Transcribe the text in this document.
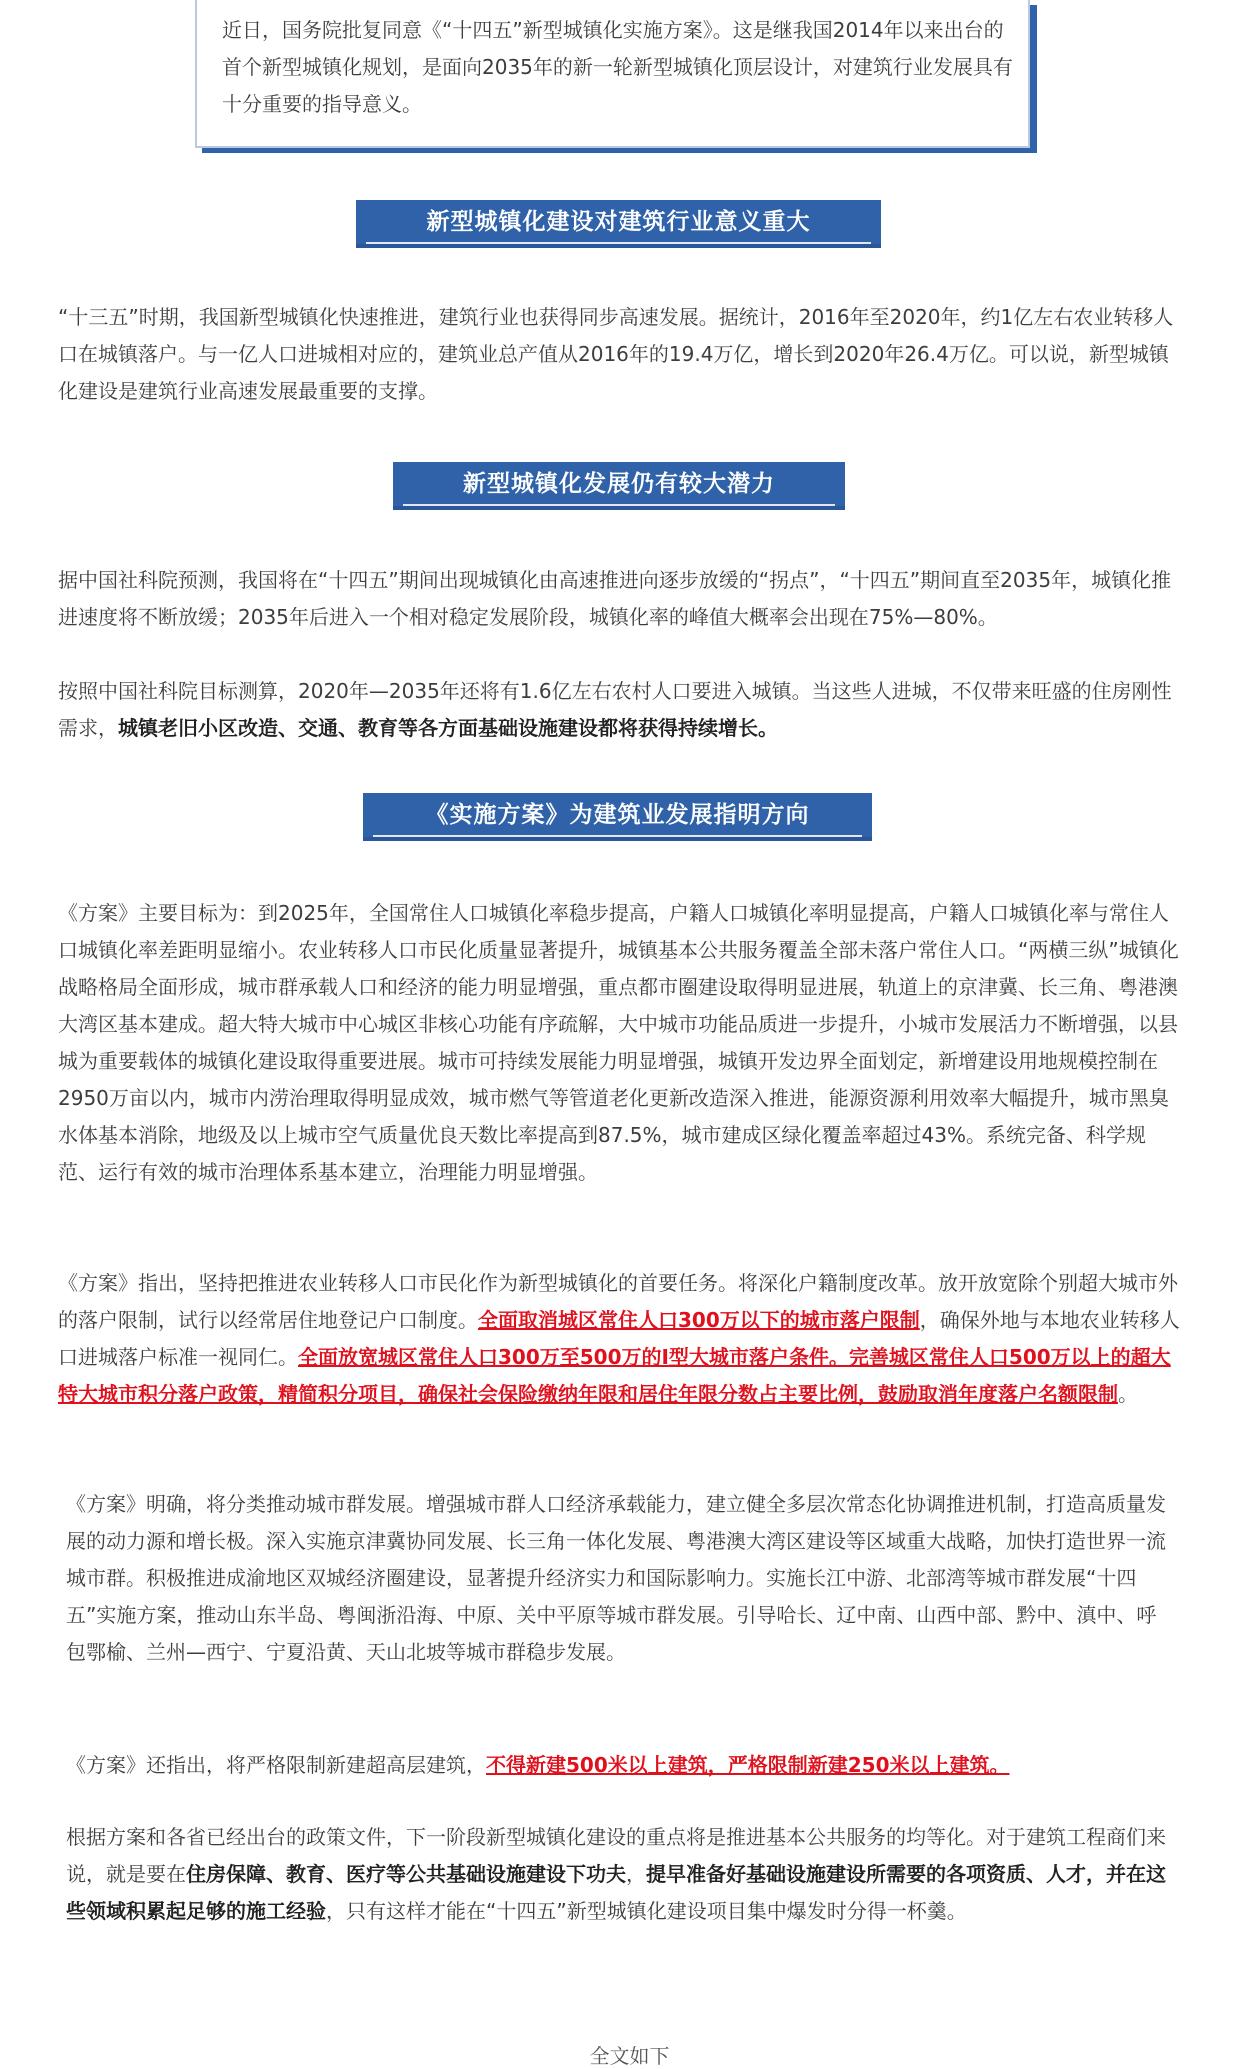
近日，国务院批复同意《“十四五”新型城镇化实施方案》。这是继我国2014年以来出台的首个新型城镇化规划，是面向2035年的新一轮新型城镇化顶层设计，对建筑行业发展具有十分重要的指导意义。

新型城镇化建设对建筑行业意义重大

“十三五”时期，我国新型城镇化快速推进，建筑行业也获得同步高速发展。据统计，2016年至2020年，约1亿左右农业转移人口在城镇落户。与一亿人口进城相对应的，建筑业总产值从2016年的19.4万亿，增长到2020年26.4万亿。可以说，新型城镇化建设是建筑行业高速发展最重要的支撑。

新型城镇化发展仍有较大潜力

据中国社科院预测，我国将在“十四五”期间出现城镇化由高速推进向逐步放缓的“拐点”，“十四五”期间直至2035年，城镇化推进速度将不断放缓；2035年后进入一个相对稳定发展阶段，城镇化率的峰值大概率会出现在75%—80%。

按照中国社科院目标测算，2020年—2035年还将有1.6亿左右农村人口要进入城镇。当这些人进城，不仅带来旺盛的住房刚性需求，城镇老旧小区改造、交通、教育等各方面基础设施建设都将获得持续增长。

《实施方案》为建筑业发展指明方向

《方案》主要目标为：到2025年，全国常住人口城镇化率稳步提高，户籍人口城镇化率明显提高，户籍人口城镇化率与常住人口城镇化率差距明显缩小。农业转移人口市民化质量显著提升，城镇基本公共服务覆盖全部未落户常住人口。“两横三纵”城镇化战略格局全面形成，城市群承载人口和经济的能力明显增强，重点都市圈建设取得明显进展，轨道上的京津冀、长三角、粤港澳大湾区基本建成。超大特大城市中心城区非核心功能有序疏解，大中城市功能品质进一步提升，小城市发展活力不断增强，以县城为重要载体的城镇化建设取得重要进展。城市可持续发展能力明显增强，城镇开发边界全面划定，新增建设用地规模控制在2950万亩以内，城市内涝治理取得明显成效，城市燃气等管道老化更新改造深入推进，能源资源利用效率大幅提升，城市黑臭水体基本消除，地级及以上城市空气质量优良天数比率提高到87.5%，城市建成区绿化覆盖率超过43%。系统完备、科学规范、运行有效的城市治理体系基本建立，治理能力明显增强。

《方案》指出，坚持把推进农业转移人口市民化作为新型城镇化的首要任务。将深化户籍制度改革。放开放宽除个别超大城市外的落户限制，试行以经常居住地登记户口制度。全面取消城区常住人口300万以下的城市落户限制，确保外地与本地农业转移人口进城落户标准一视同仁。全面放宽城区常住人口300万至500万的I型大城市落户条件。完善城区常住人口500万以上的超大特大城市积分落户政策，精简积分项目，确保社会保险缴纳年限和居住年限分数占主要比例，鼓励取消年度落户名额限制。

《方案》明确，将分类推动城市群发展。增强城市群人口经济承载能力，建立健全多层次常态化协调推进机制，打造高质量发展的动力源和增长极。深入实施京津冀协同发展、长三角一体化发展、粤港澳大湾区建设等区域重大战略，加快打造世界一流城市群。积极推进成渝地区双城经济圈建设，显著提升经济实力和国际影响力。实施长江中游、北部湾等城市群发展“十四五”实施方案，推动山东半岛、粤闽浙沿海、中原、关中平原等城市群发展。引导哈长、辽中南、山西中部、黔中、滇中、呼包鄂榆、兰州—西宁、宁夏沿黄、天山北坡等城市群稳步发展。

《方案》还指出，将严格限制新建超高层建筑，不得新建500米以上建筑，严格限制新建250米以上建筑。

根据方案和各省已经出台的政策文件，下一阶段新型城镇化建设的重点将是推进基本公共服务的均等化。对于建筑工程商们来说，就是要在住房保障、教育、医疗等公共基础设施建设下功夫，提早准备好基础设施建设所需要的各项资质、人才，并在这些领域积累起足够的施工经验，只有这样才能在“十四五”新型城镇化建设项目集中爆发时分得一杯羹。

全文如下
